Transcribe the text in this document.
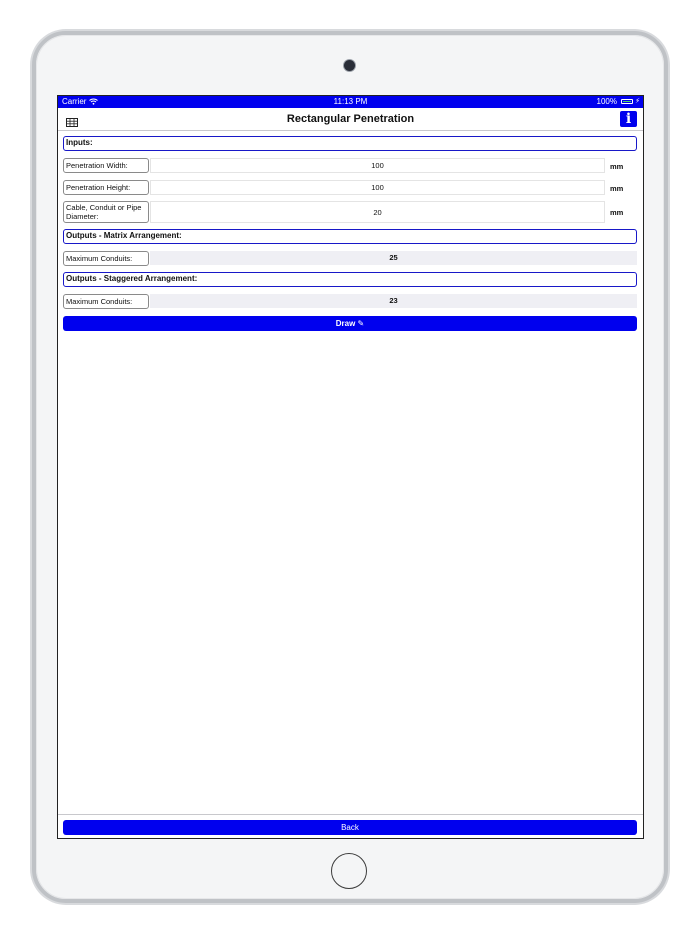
Carrier	11:13 PM	100%	⚡
Rectangular Penetration	i
Inputs:
Penetration Width:	100	mm
Penetration Height:	100	mm
Cable, Conduit or Pipe Diameter:	20	mm
Outputs - Matrix Arrangement:
Maximum Conduits:	25
Outputs - Staggered Arrangement:
Maximum Conduits:	23
Draw ✎
Back
